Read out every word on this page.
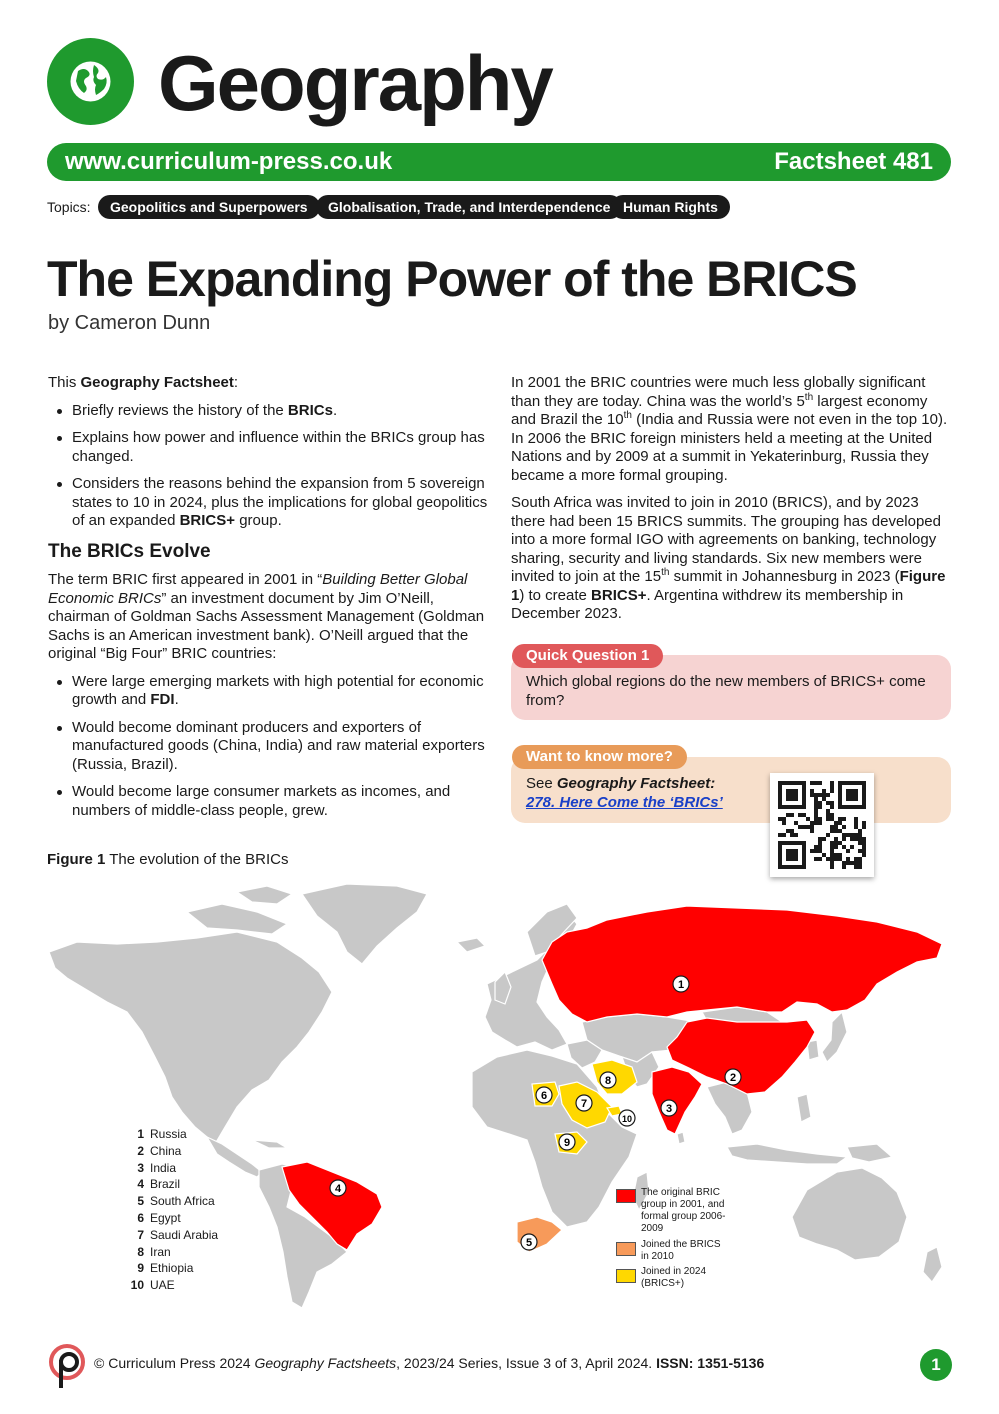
Geography
www.curriculum-press.co.uk	Factsheet 481
Topics:	Geopolitics and Superpowers	Globalisation, Trade, and Interdependence Human Rights
The Expanding Power of the BRICS
by Cameron Dunn

This Geography Factsheet:

Briefly reviews the history of the BRICs.
Explains how power and influence within the BRICs group has changed.
Considers the reasons behind the expansion from 5 sovereign states to 10 in 2024, plus the implications for global geopolitics of an expanded BRICS+ group.
The BRICs Evolve

The term BRIC first appeared in 2001 in “Building Better Global Economic BRICs” an investment document by Jim O’Neill, chairman of Goldman Sachs Assessment Management (Goldman Sachs is an American investment bank). O’Neill argued that the original “Big Four” BRIC countries:

Were large emerging markets with high potential for economic growth and FDI.
Would become dominant producers and exporters of manufactured goods (China, India) and raw material exporters (Russia, Brazil).
Would become large consumer markets as incomes, and numbers of middle-class people, grew.

In 2001 the BRIC countries were much less globally significant than they are today. China was the world’s 5th largest economy and Brazil the 10th (India and Russia were not even in the top 10). In 2006 the BRIC foreign ministers held a meeting at the United Nations and by 2009 at a summit in Yekaterinburg, Russia they became a more formal grouping.

South Africa was invited to join in 2010 (BRICS), and by 2023 there had been 15 BRICS summits. The grouping has developed into a more formal IGO with agreements on banking, technology sharing, security and living standards. Six new members were invited to join at the 15th summit in Johannesburg in 2023 (Figure 1) to create BRICS+. Argentina withdrew its membership in December 2023.

Quick Question 1
Which global regions do the new members of BRICS+ come from?
Want to know more?
See Geography Factsheet:
278. Here Come the ‘BRICs’
Figure 1 The evolution of the BRICs
1
2
3
4
5
6
7
8
9
10
1 Russia
2 China
3 India
4 Brazil
5 South Africa
6 Egypt
7 Saudi Arabia
8 Iran
9 Ethiopia
10 UAE
The original BRIC group in 2001, and formal group 2006-2009
Joined the BRICS in 2010
Joined in 2024 (BRICS+)
© Curriculum Press 2024 Geography Factsheets, 2023/24 Series, Issue 3 of 3, April 2024. ISSN: 1351-5136	1
